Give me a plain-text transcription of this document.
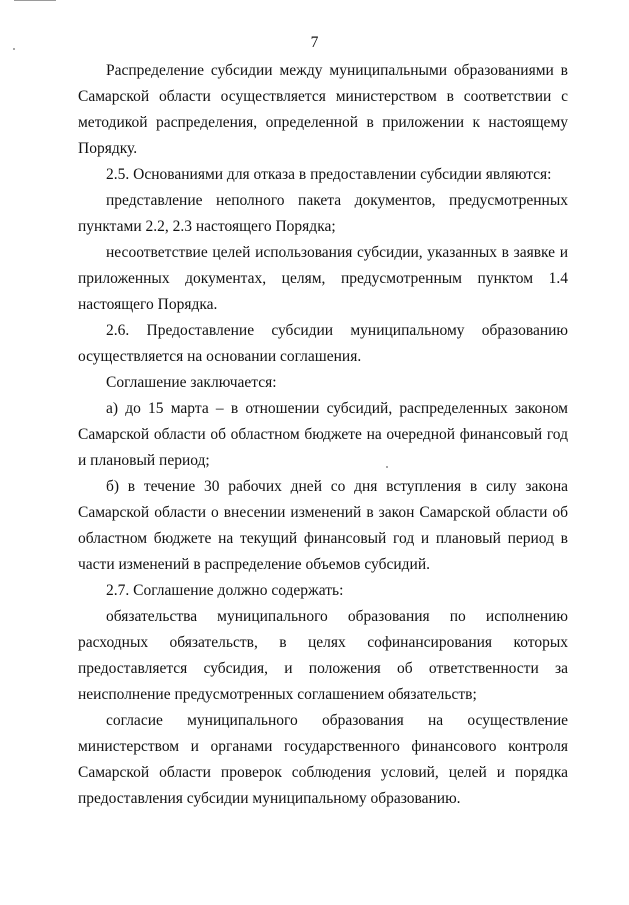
7

Распределение субсидии между муниципальными образованиями в Самарской области осуществляется министерством в соответствии с методикой распределения, определенной в приложении к настоящему Порядку.

2.5. Основаниями для отказа в предоставлении субсидии являются:

представление неполного пакета документов, предусмотренных пунктами 2.2, 2.3 настоящего Порядка;

несоответствие целей использования субсидии, указанных в заявке и приложенных документах, целям, предусмотренным пунктом 1.4 настоящего Порядка.

2.6. Предоставление субсидии муниципальному образованию осуществляется на основании соглашения.

Соглашение заключается:

а) до 15 марта – в отношении субсидий, распределенных законом Самарской области об областном бюджете на очередной финансовый год и плановый период;

б) в течение 30 рабочих дней со дня вступления в силу закона Самарской области о внесении изменений в закон Самарской области об областном бюджете на текущий финансовый год и плановый период в части изменений в распределение объемов субсидий.

2.7. Соглашение должно содержать:

обязательства муниципального образования по исполнению расходных обязательств, в целях софинансирования которых предоставляется субсидия, и положения об ответственности за неисполнение предусмотренных соглашением обязательств;

согласие муниципального образования на осуществление министерством и органами государственного финансового контроля Самарской области проверок соблюдения условий, целей и порядка предоставления субсидии муниципальному образованию.
